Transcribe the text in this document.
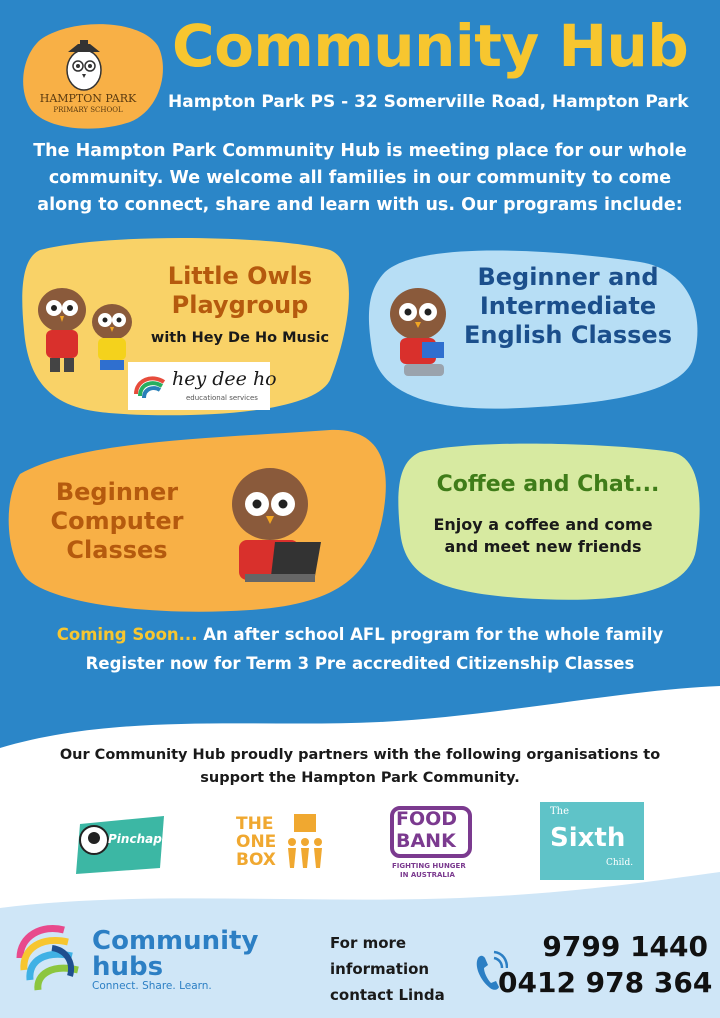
HAMPTON PARK
PRIMARY SCHOOL
Community Hub
Hampton Park PS - 32 Somerville Road, Hampton Park
The Hampton Park Community Hub is meeting place for our whole community. We welcome all families in our community to come along to connect, share and learn with us. Our programs include:
Little Owls Playgroup
with Hey De Ho Music
hey dee ho
educational services
Beginner and Intermediate English Classes
Beginner Computer Classes
Coffee and Chat...
Enjoy a coffee and come and meet new friends
Coming Soon... An after school AFL program for the whole family
Register now for Term 3 Pre accredited Citizenship Classes
Our Community Hub proudly partners with the following organisations to support the Hampton Park Community.
Pinchapoo
THE
ONE
BOX
FOOD
BANK
FIGHTING HUNGER
IN AUSTRALIA
The
Sixth
Child.
Community
hubs
Connect. Share. Learn.
For more
information
contact Linda
9799 1440
0412 978 364
